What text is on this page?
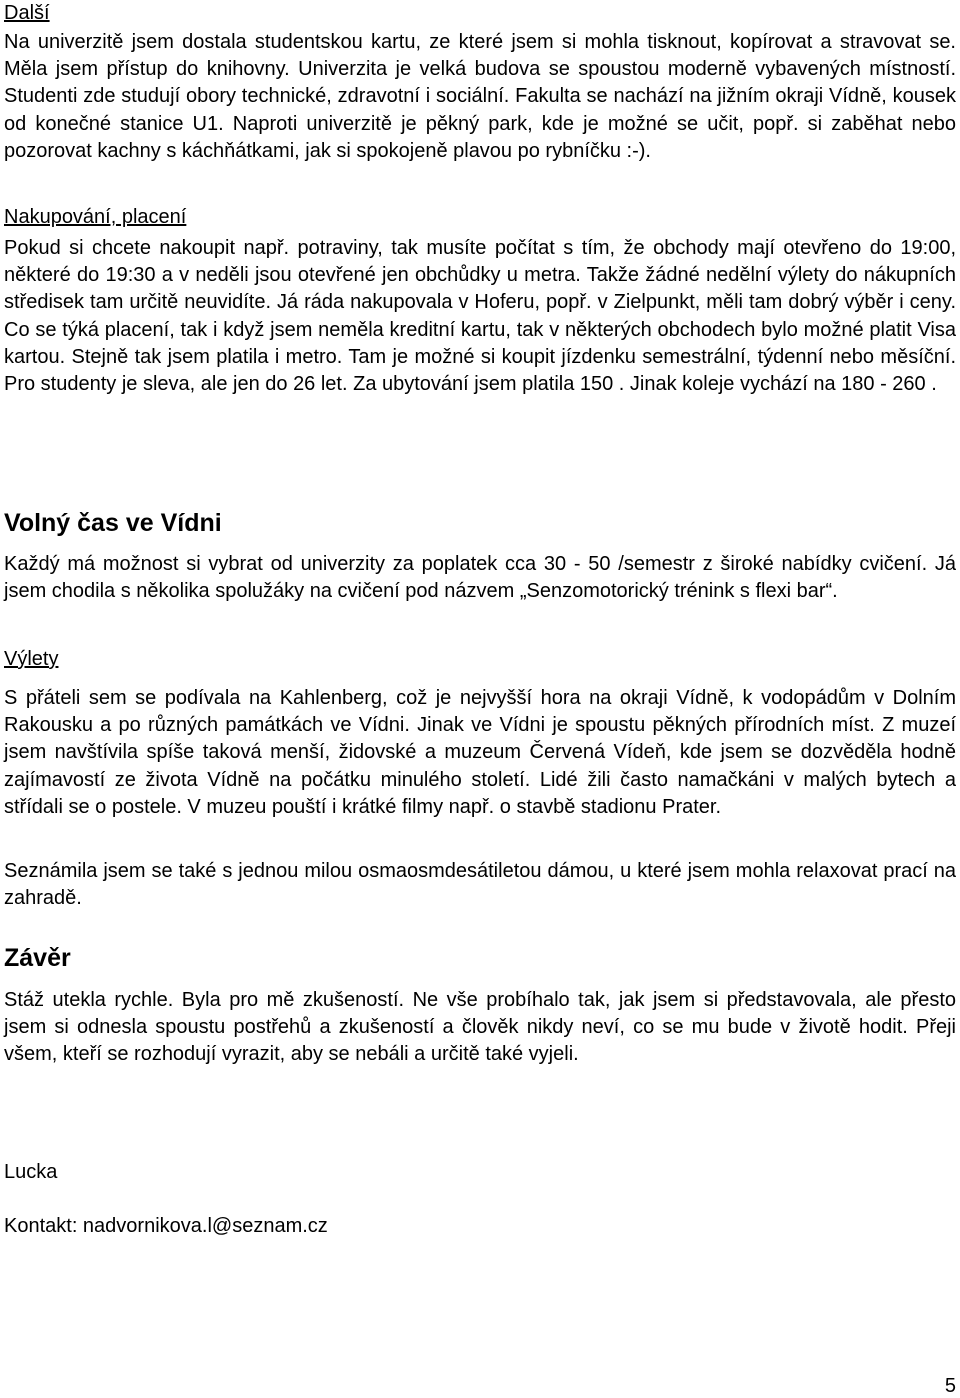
Další

Na univerzitě jsem dostala studentskou kartu, ze které jsem si mohla tisknout, kopírovat a stravovat se. Měla jsem přístup do knihovny. Univerzita je velká budova se spoustou moderně vybavených místností. Studenti zde studují obory technické, zdravotní i sociální. Fakulta se nachází na jižním okraji Vídně, kousek od konečné stanice U1. Naproti univerzitě je pěkný park, kde je možné se učit, popř. si zaběhat nebo pozorovat kachny s káchňátkami, jak si spokojeně plavou po rybníčku :-).

Nakupování, placení

Pokud si chcete nakoupit např. potraviny, tak musíte počítat s tím, že obchody mají otevřeno do 19:00, některé do 19:30 a v neděli jsou otevřené jen obchůdky u metra. Takže žádné nedělní výlety do nákupních středisek tam určitě neuvidíte. Já ráda nakupovala v Hoferu, popř. v Zielpunkt, měli tam dobrý výběr i ceny. Co se týká placení, tak i když jsem neměla kreditní kartu, tak v některých obchodech bylo možné platit Visa kartou. Stejně tak jsem platila i metro. Tam je možné si koupit jízdenku semestrální, týdenní nebo měsíční. Pro studenty je sleva, ale jen do 26 let. Za ubytování jsem platila 150 . Jinak koleje vychází na 180 - 260 .

Volný čas ve Vídni

Každý má možnost si vybrat od univerzity za poplatek cca 30 - 50 /semestr z široké nabídky cvičení. Já jsem chodila s několika spolužáky na cvičení pod názvem „Senzomotorický trénink s flexi bar“.

Výlety

S přáteli sem se podívala na Kahlenberg, což je nejvyšší hora na okraji Vídně, k vodopádům v Dolním Rakousku a po různých památkách ve Vídni. Jinak ve Vídni je spoustu pěkných přírodních míst. Z muzeí jsem navštívila spíše taková menší, židovské a muzeum Červená Vídeň, kde jsem se dozvěděla hodně zajímavostí ze života Vídně na počátku minulého století. Lidé žili často namačkáni v malých bytech a střídali se o postele. V muzeu pouští i krátké filmy např. o stavbě stadionu Prater.

Seznámila jsem se také s jednou milou osmaosmdesátiletou dámou, u které jsem mohla relaxovat prací na zahradě.

Závěr

Stáž utekla rychle. Byla pro mě zkušeností. Ne vše probíhalo tak, jak jsem si představovala, ale přesto jsem si odnesla spoustu postřehů a zkušeností a člověk nikdy neví, co se mu bude v životě hodit. Přeji všem, kteří se rozhodují vyrazit, aby se nebáli a určitě také vyjeli.

Lucka

Kontakt: nadvornikova.l@seznam.cz

5
